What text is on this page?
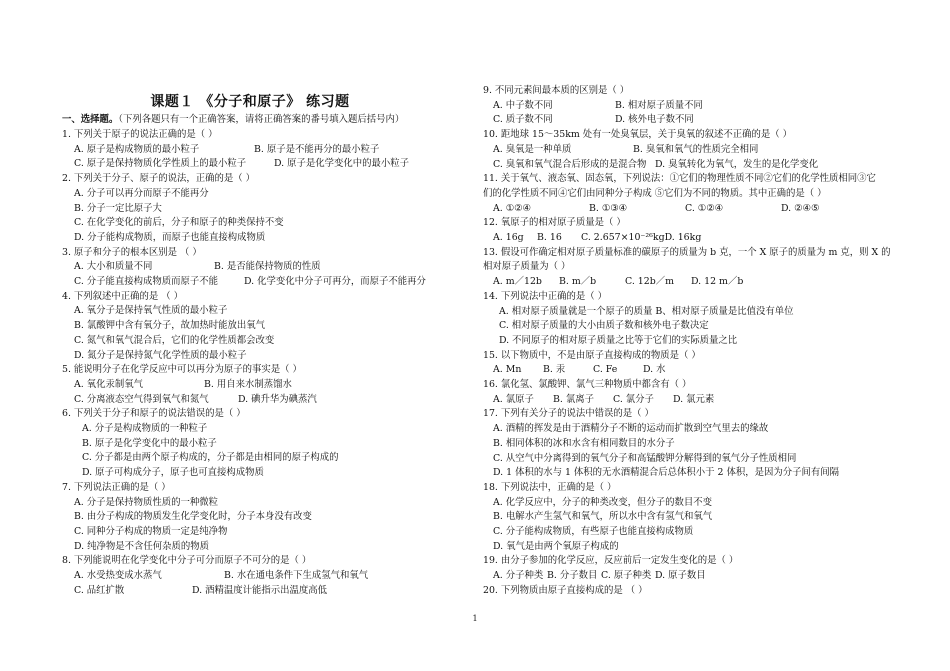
课题１ 《分子和原子》 练习题
一、选择题。（下列各题只有一个正确答案，请将正确答案的番号填入题后括号内）
1. 下列关于原子的说法正确的是（ ）
A. 原子是构成物质的最小粒子	B. 原子是不能再分的最小粒子
C. 原子是保持物质化学性质上的最小粒子	D. 原子是化学变化中的最小粒子
2. 下列关于分子、原子的说法，正确的是（ ）
A. 分子可以再分而原子不能再分
B. 分子一定比原子大
C. 在化学变化的前后，分子和原子的种类保持不变
D. 分子能构成物质，而原子也能直接构成物质
3. 原子和分子的根本区别是 （ ）
A. 大小和质量不同	B. 是否能保持物质的性质
C. 分子能直接构成物质而原子不能	D. 化学变化中分子可再分，而原子不能再分
4. 下列叙述中正确的是 （ ）
A. 氧分子是保持氧气性质的最小粒子
B. 氯酸钾中含有氧分子，故加热时能放出氧气
C. 氮气和氧气混合后，它们的化学性质都会改变
D. 氮分子是保持氮气化学性质的最小粒子
5. 能说明分子在化学反应中可以再分为原子的事实是（ ）
A. 氧化汞制氧气	B. 用自来水制蒸馏水
C. 分离液态空气得到氧气和氮气	D. 碘升华为碘蒸汽
6. 下列关于分子和原子的说法错误的是（ ）
A. 分子是构成物质的一种粒子
B. 原子是化学变化中的最小粒子
C. 分子都是由两个原子构成的，分子都是由相同的原子构成的
D. 原子可构成分子，原子也可直接构成物质
7. 下列说法正确的是（ ）
A. 分子是保持物质性质的一种微粒
B. 由分子构成的物质发生化学变化时，分子本身没有改变
C. 同种分子构成的物质一定是纯净物
D. 纯净物是不含任何杂质的物质
8. 下列能说明在化学变化中分子可分而原子不可分的是（ ）
A. 水受热变成水蒸气	B. 水在通电条件下生成氢气和氧气
C. 品红扩散	D. 酒精温度计能指示出温度高低
9. 不同元素间最本质的区别是（ ）
A. 中子数不同	B. 相对原子质量不同
C. 质子数不同	D. 核外电子数不同
10. 距地球 15～35km 处有一处臭氧层，关于臭氧的叙述不正确的是（ ）
A. 臭氧是一种单质	B. 臭氧和氧气的性质完全相同
C. 臭氧和氧气混合后形成的是混合物 D. 臭氧转化为氧气，发生的是化学变化
11. 关于氧气、液态氧、固态氧，下列说法：①它们的物理性质不同②它们的化学性质相同③它
们的化学性质不同④它们由同种分子构成 ⑤它们为不同的物质。其中正确的是（ ）
A. ①②④	B. ①③④	C. ①②④	D. ②④⑤
12. 氧原子的相对原子质量是（ ）
A. 16g B. 16 C. 2.657×10⁻²⁶kgD. 16kg
13. 假设可作确定相对原子质量标准的碳原子的质量为 b 克，一个 X 原子的质量为 m 克，则 X 的
相对原子质量为（ ）
A. m／12b B. m／b	C. 12b／m D. 12 m／b
14. 下列说法中正确的是（ ）
A. 相对原子质量就是一个原子的质量 B、相对原子质量是比值没有单位
C. 相对原子质量的大小由质子数和核外电子数决定
D. 不同原子的相对原子质量之比等于它们的实际质量之比
15. 以下物质中，不是由原子直接构成的物质是（ ）
A. Mn B. 汞	C. Fe	D. 水
16. 氯化氢、氯酸钾、氯气三种物质中都含有（ ）
A. 氯原子 B. 氯离子 C. 氯分子 D. 氯元素
17. 下列有关分子的说法中错误的是（ ）
A. 酒精的挥发是由于酒精分子不断的运动而扩散到空气里去的缘故
B. 相同体积的冰和水含有相同数目的水分子
C. 从空气中分离得到的氧气分子和高锰酸钾分解得到的氧气分子性质相同
D. 1 体积的水与 1 体积的无水酒精混合后总体积小于 2 体积，是因为分子间有间隔
18. 下列说法中，正确的是（ ）
A. 化学反应中，分子的种类改变，但分子的数目不变
B. 电解水产生氢气和氧气，所以水中含有氢气和氧气
C. 分子能构成物质，有些原子也能直接构成物质
D. 氧气是由两个氧原子构成的
19. 由分子参加的化学反应，反应前后一定发生变化的是（ ）
A. 分子种类 B. 分子数目 C. 原子种类 D. 原子数目
20. 下列物质由原子直接构成的是 （ ）
1
